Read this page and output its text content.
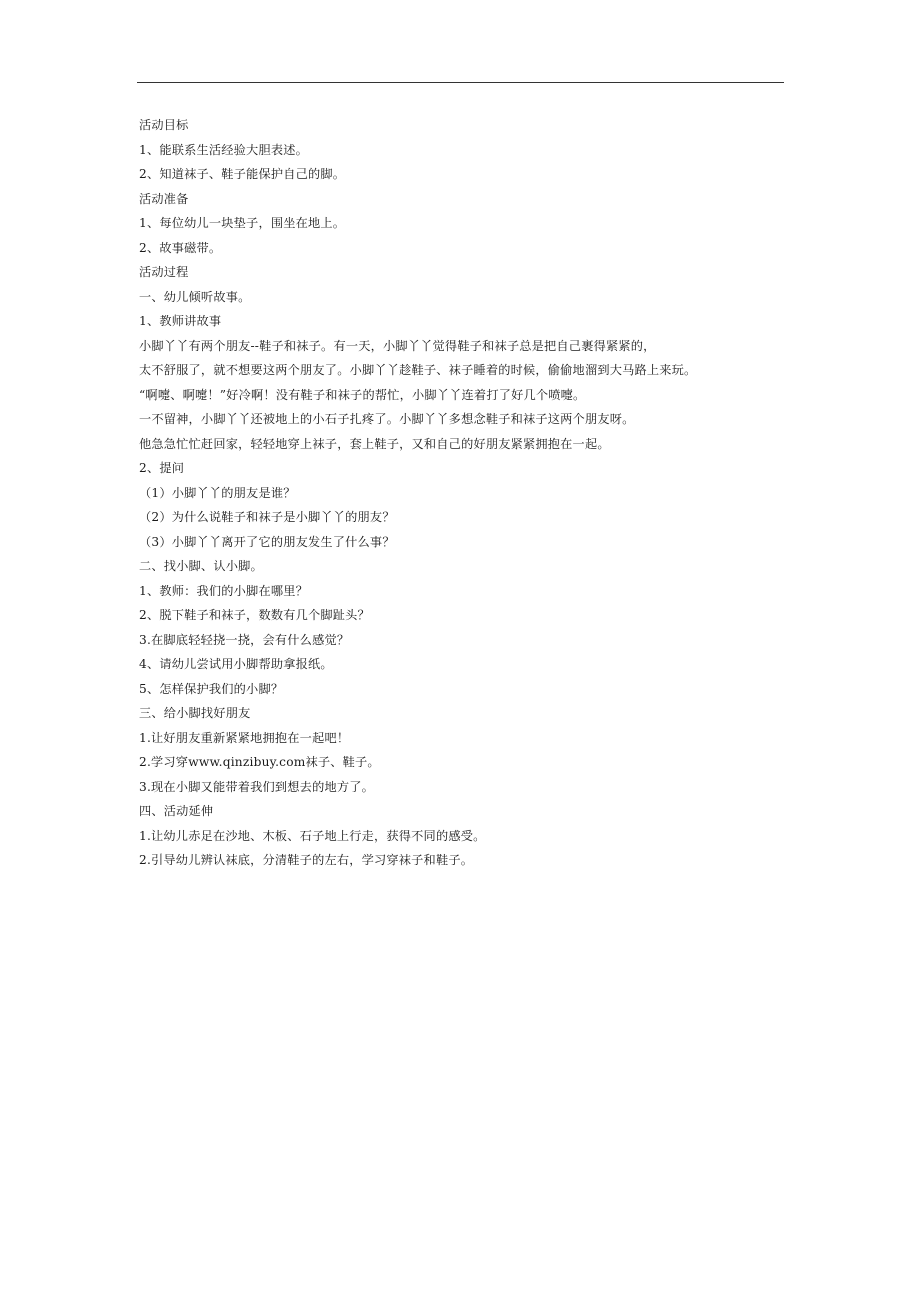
活动目标
1、能联系生活经验大胆表述。
2、知道袜子、鞋子能保护自己的脚。
活动准备
1、每位幼儿一块垫子，围坐在地上。
2、故事磁带。
活动过程
一、幼儿倾听故事。
1、教师讲故事
小脚丫丫有两个朋友--鞋子和袜子。有一天，小脚丫丫觉得鞋子和袜子总是把自己裹得紧紧的，
太不舒服了，就不想要这两个朋友了。小脚丫丫趁鞋子、袜子睡着的时候，偷偷地溜到大马路上来玩。
“啊嚏、啊嚏！”好冷啊！没有鞋子和袜子的帮忙，小脚丫丫连着打了好几个喷嚏。
一不留神，小脚丫丫还被地上的小石子扎疼了。小脚丫丫多想念鞋子和袜子这两个朋友呀。
他急急忙忙赶回家，轻轻地穿上袜子，套上鞋子，又和自己的好朋友紧紧拥抱在一起。
2、提问
（1）小脚丫丫的朋友是谁？
（2）为什么说鞋子和袜子是小脚丫丫的朋友？
（3）小脚丫丫离开了它的朋友发生了什么事？
二、找小脚、认小脚。
1、教师：我们的小脚在哪里？
2、脱下鞋子和袜子，数数有几个脚趾头？
3.在脚底轻轻挠一挠，会有什么感觉？
4、请幼儿尝试用小脚帮助拿报纸。
5、怎样保护我们的小脚？
三、给小脚找好朋友
1.让好朋友重新紧紧地拥抱在一起吧！
2.学习穿www.qinzibuy.com袜子、鞋子。
3.现在小脚又能带着我们到想去的地方了。
四、活动延伸
1.让幼儿赤足在沙地、木板、石子地上行走，获得不同的感受。
2.引导幼儿辨认袜底，分清鞋子的左右，学习穿袜子和鞋子。
